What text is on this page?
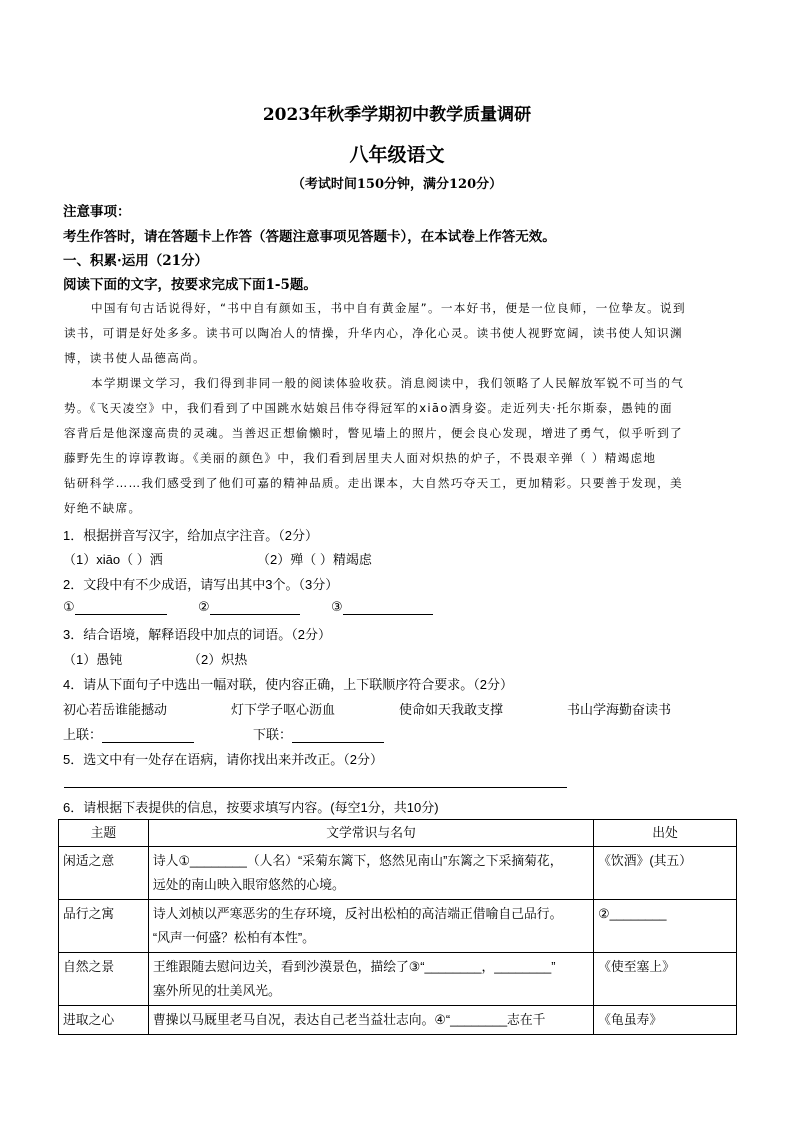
2023年秋季学期初中教学质量调研
八年级语文
（考试时间150分钟，满分120分）
注意事项：
考生作答时，请在答题卡上作答（答题注意事项见答题卡），在本试卷上作答无效。
一、积累·运用（21分）
阅读下面的文字，按要求完成下面1-5题。
中国有句古话说得好，“书中自有颜如玉，书中自有黄金屋”。一本好书，便是一位良师，一位挚友。说到
读书，可谓是好处多多。读书可以陶冶人的情操，升华内心，净化心灵。读书使人视野宽阔，读书使人知识渊
博，读书使人品德高尚。
本学期课文学习，我们得到非同一般的阅读体验收获。消息阅读中，我们领略了人民解放军锐不可当的气
势。《飞天凌空》中，我们看到了中国跳水姑娘吕伟夺得冠军的xiāo洒身姿。走近列夫·托尔斯泰，愚钝的面
容背后是他深邃高贵的灵魂。当善迟正想偷懒时，瞥见墙上的照片，便会良心发现，增进了勇气，似乎听到了
藤野先生的谆谆教诲。《美丽的颜色》中，我们看到居里夫人面对炽热的炉子，不畏艰辛弹（ ）精竭虑地
钻研科学……我们感受到了他们可嘉的精神品质。走出课本，大自然巧夺天工，更加精彩。只要善于发现，美
好绝不缺席。
1．根据拼音写汉字，给加点字注音。（2分）
（1）xiāo（ ）洒	（2）殚（ ）精竭虑
2．文段中有不少成语，请写出其中3个。（3分）
①	②	③
3．结合语境，解释语段中加点的词语。（2分）
（1）愚钝	（2）炽热
4．请从下面句子中选出一幅对联，使内容正确，上下联顺序符合要求。（2分）
初心若岳谁能撼动	灯下学子呕心沥血	使命如天我敢支撑	书山学海勤奋读书
上联：	下联：
5．选文中有一处存在语病，请你找出来并改正。（2分）
6．请根据下表提供的信息，按要求填写内容。(每空1分，共10分)
主题	文学常识与名句	出处
闲适之意	诗人①________（人名）“采菊东篱下，悠然见南山”东篱之下采摘菊花，
远处的南山映入眼帘悠然的心境。	《饮酒》(其五）
品行之寓	诗人刘桢以严寒恶劣的生存环境，反衬出松柏的高洁端正借喻自己品行。
“风声一何盛？松柏有本性”。	②________
自然之景	王维跟随去慰问边关，看到沙漠景色，描绘了③“________，________”
塞外所见的壮美风光。	《使至塞上》
进取之心	曹操以马厩里老马自况，表达自己老当益壮志向。④“________志在千	《龟虽寿》
